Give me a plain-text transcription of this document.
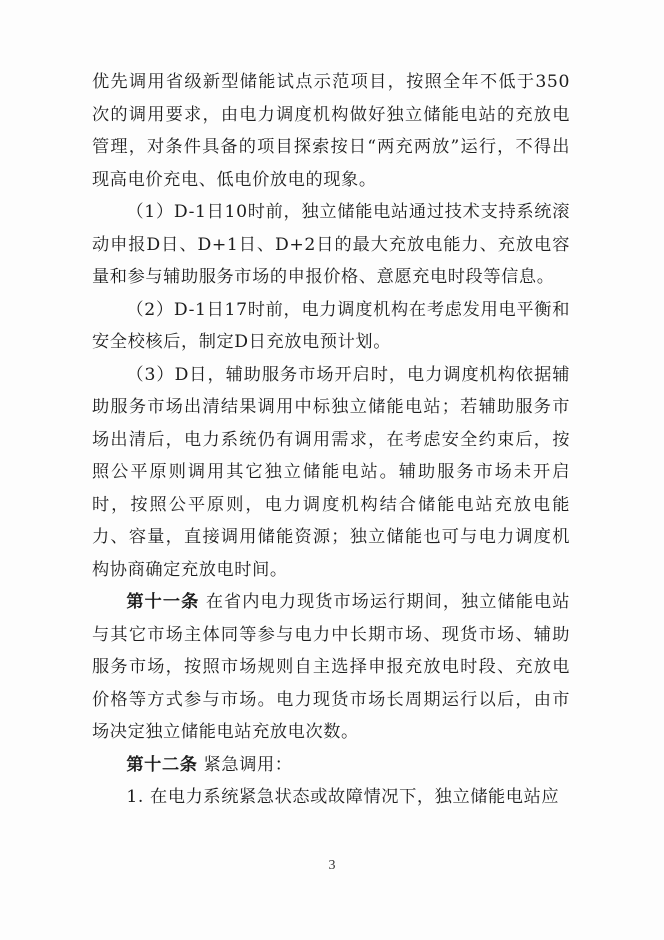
优先调用省级新型储能试点示范项目，按照全年不低于350次的调用要求，由电力调度机构做好独立储能电站的充放电管理，对条件具备的项目探索按日“两充两放”运行，不得出现高电价充电、低电价放电的现象。

（1）D-1日10时前，独立储能电站通过技术支持系统滚动申报D日、D+1日、D+2日的最大充放电能力、充放电容量和参与辅助服务市场的申报价格、意愿充电时段等信息。

（2）D-1日17时前，电力调度机构在考虑发用电平衡和安全校核后，制定D日充放电预计划。

（3）D日，辅助服务市场开启时，电力调度机构依据辅助服务市场出清结果调用中标独立储能电站；若辅助服务市场出清后，电力系统仍有调用需求，在考虑安全约束后，按照公平原则调用其它独立储能电站。辅助服务市场未开启时，按照公平原则，电力调度机构结合储能电站充放电能力、容量，直接调用储能资源；独立储能也可与电力调度机构协商确定充放电时间。

第十一条 在省内电力现货市场运行期间，独立储能电站与其它市场主体同等参与电力中长期市场、现货市场、辅助服务市场，按照市场规则自主选择申报充放电时段、充放电价格等方式参与市场。电力现货市场长周期运行以后，由市场决定独立储能电站充放电次数。

第十二条 紧急调用：

1. 在电力系统紧急状态或故障情况下，独立储能电站应

3
